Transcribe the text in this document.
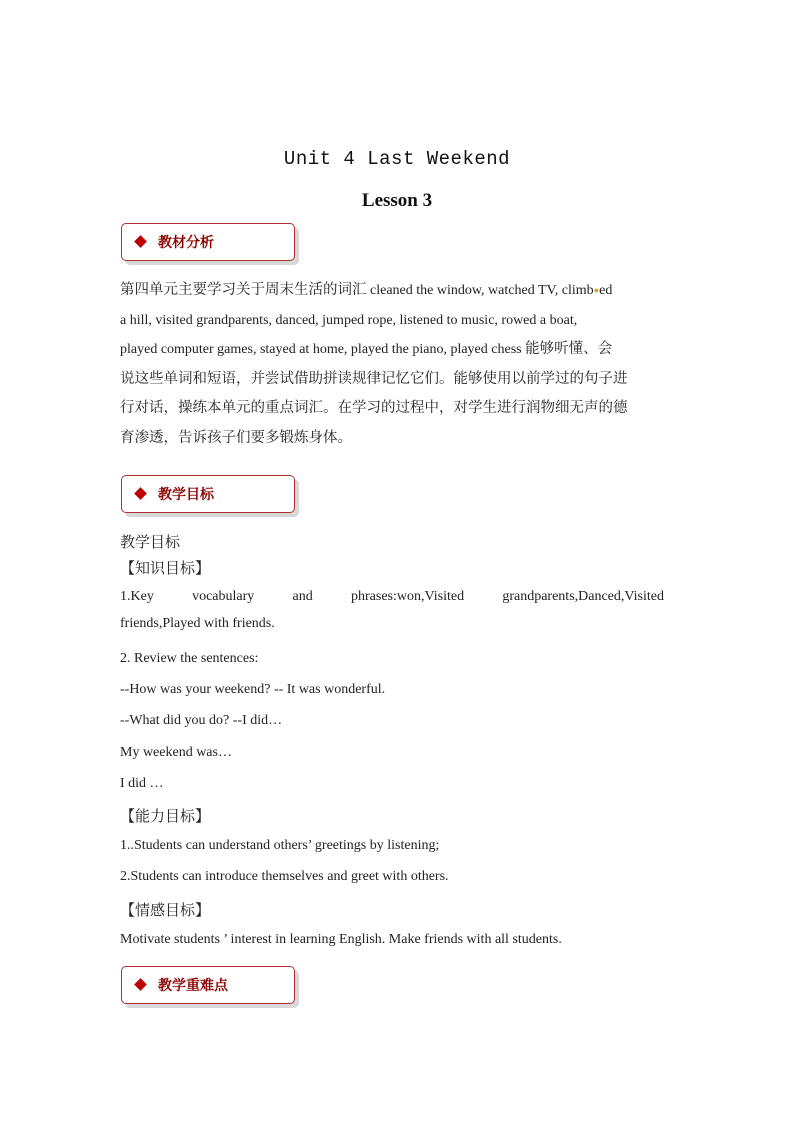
Unit 4 Last Weekend
Lesson 3
教材分析
第四单元主要学习关于周末生活的词汇 cleaned the window, watched TV, climb●ed
a hill, visited grandparents, danced, jumped rope, listened to music, rowed a boat,
played computer games, stayed at home, played the piano, played chess 能够听懂、会
说这些单词和短语，并尝试借助拼读规律记忆它们。能够使用以前学过的句子进
行对话，操练本单元的重点词汇。在学习的过程中，对学生进行润物细无声的德
育渗透，告诉孩子们要多锻炼身体。
教学目标
教学目标
【知识目标】
1.Key	vocabulary	and	phrases:won,Visited	grandparents,Danced,Visited
friends,Played with friends.
2. Review the sentences:
--How was your weekend? -- It was wonderful.
--What did you do? --I did…
My weekend was…
I did …
【能力目标】
1..Students can understand others’ greetings by listening;
2.Students can introduce themselves and greet with others.
【情感目标】
Motivate students ’ interest in learning English. Make friends with all students.
教学重难点
